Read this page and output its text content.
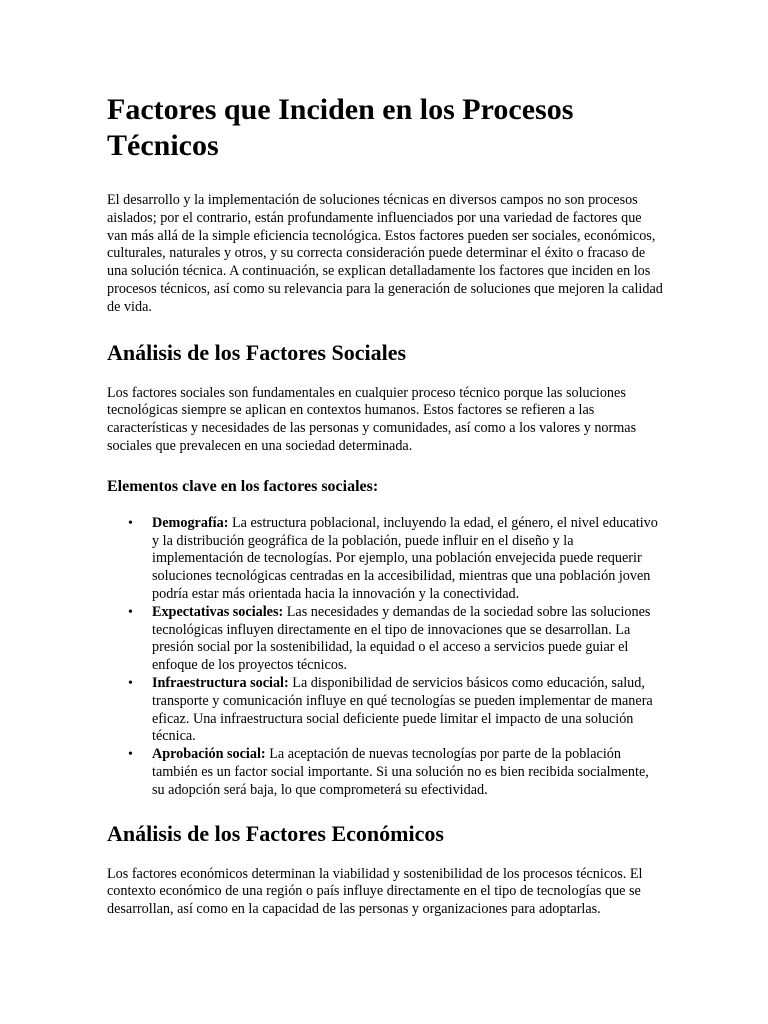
Factores que Inciden en los Procesos Técnicos

El desarrollo y la implementación de soluciones técnicas en diversos campos no son procesos aislados; por el contrario, están profundamente influenciados por una variedad de factores que van más allá de la simple eficiencia tecnológica. Estos factores pueden ser sociales, económicos, culturales, naturales y otros, y su correcta consideración puede determinar el éxito o fracaso de una solución técnica. A continuación, se explican detalladamente los factores que inciden en los procesos técnicos, así como su relevancia para la generación de soluciones que mejoren la calidad de vida.

Análisis de los Factores Sociales

Los factores sociales son fundamentales en cualquier proceso técnico porque las soluciones tecnológicas siempre se aplican en contextos humanos. Estos factores se refieren a las características y necesidades de las personas y comunidades, así como a los valores y normas sociales que prevalecen en una sociedad determinada.

Elementos clave en los factores sociales:
• Demografía: La estructura poblacional, incluyendo la edad, el género, el nivel educativo y la distribución geográfica de la población, puede influir en el diseño y la implementación de tecnologías. Por ejemplo, una población envejecida puede requerir soluciones tecnológicas centradas en la accesibilidad, mientras que una población joven podría estar más orientada hacia la innovación y la conectividad.
• Expectativas sociales: Las necesidades y demandas de la sociedad sobre las soluciones tecnológicas influyen directamente en el tipo de innovaciones que se desarrollan. La presión social por la sostenibilidad, la equidad o el acceso a servicios puede guiar el enfoque de los proyectos técnicos.
• Infraestructura social: La disponibilidad de servicios básicos como educación, salud, transporte y comunicación influye en qué tecnologías se pueden implementar de manera eficaz. Una infraestructura social deficiente puede limitar el impacto de una solución técnica.
• Aprobación social: La aceptación de nuevas tecnologías por parte de la población también es un factor social importante. Si una solución no es bien recibida socialmente, su adopción será baja, lo que comprometerá su efectividad.
Análisis de los Factores Económicos

Los factores económicos determinan la viabilidad y sostenibilidad de los procesos técnicos. El contexto económico de una región o país influye directamente en el tipo de tecnologías que se desarrollan, así como en la capacidad de las personas y organizaciones para adoptarlas.
